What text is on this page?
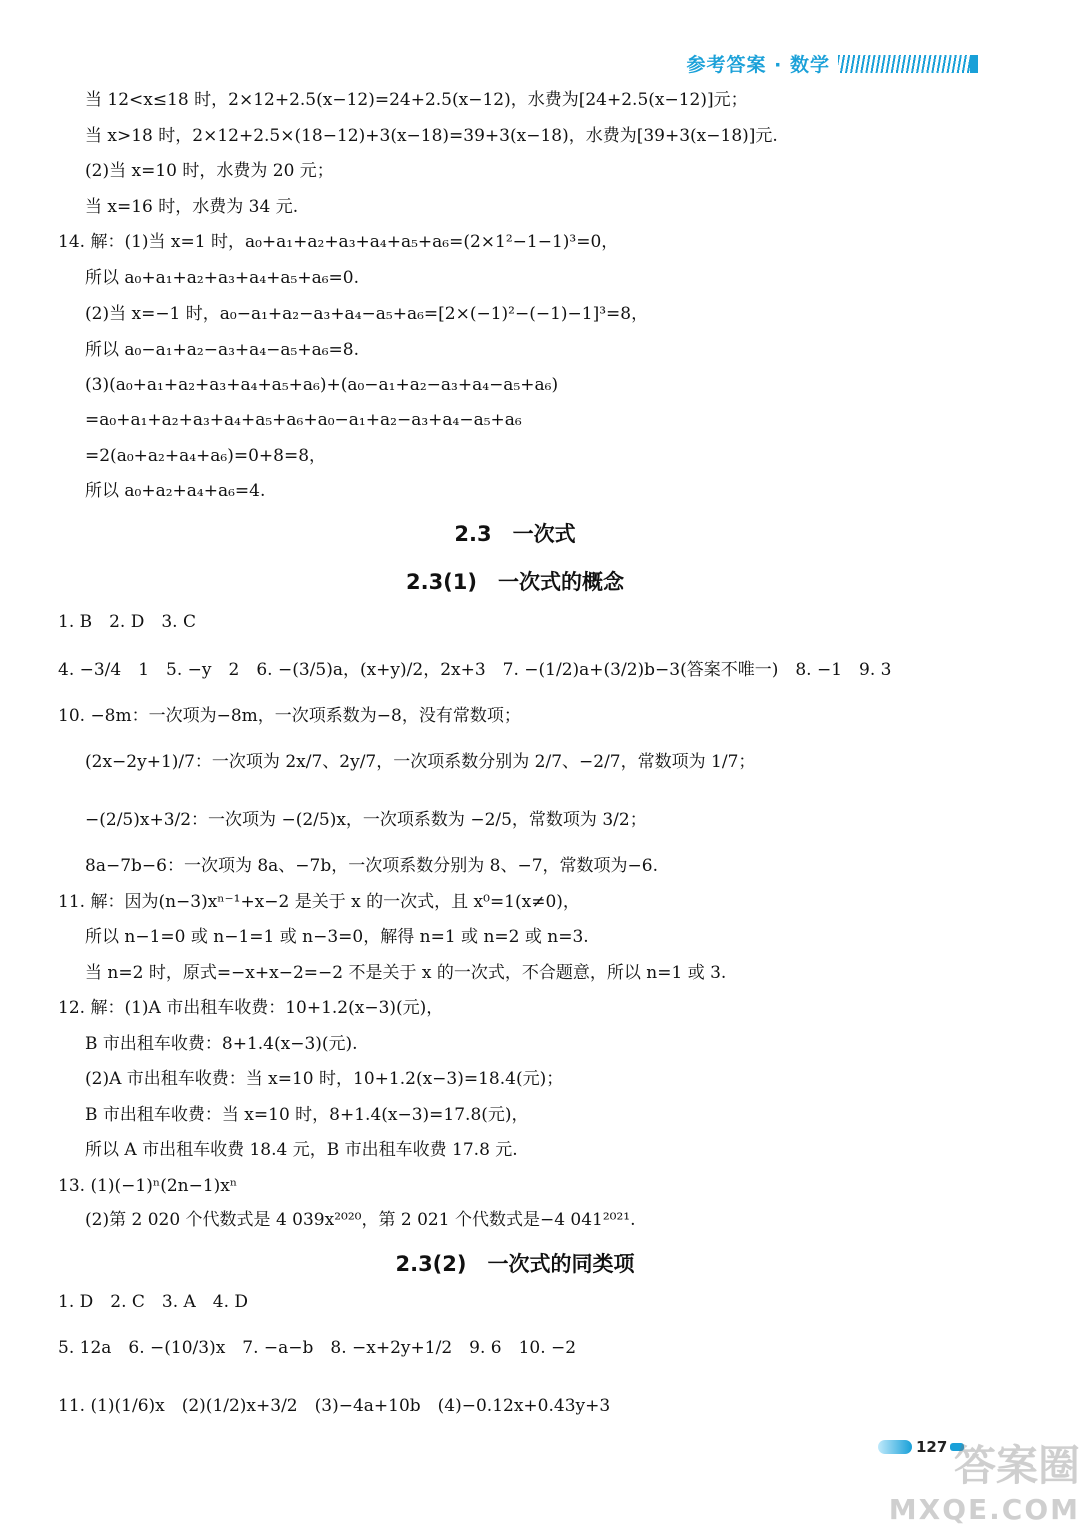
参考答案 · 数学
当 12<x≤18 时，2×12+2.5(x−12)=24+2.5(x−12)，水费为[24+2.5(x−12)]元；
当 x>18 时，2×12+2.5×(18−12)+3(x−18)=39+3(x−18)，水费为[39+3(x−18)]元.
(2)当 x=10 时，水费为 20 元；
当 x=16 时，水费为 34 元.
14. 解：(1)当 x=1 时，a₀+a₁+a₂+a₃+a₄+a₅+a₆=(2×1²−1−1)³=0，
所以 a₀+a₁+a₂+a₃+a₄+a₅+a₆=0.
(2)当 x=−1 时，a₀−a₁+a₂−a₃+a₄−a₅+a₆=[2×(−1)²−(−1)−1]³=8，
所以 a₀−a₁+a₂−a₃+a₄−a₅+a₆=8.
(3)(a₀+a₁+a₂+a₃+a₄+a₅+a₆)+(a₀−a₁+a₂−a₃+a₄−a₅+a₆)
=a₀+a₁+a₂+a₃+a₄+a₅+a₆+a₀−a₁+a₂−a₃+a₄−a₅+a₆
=2(a₀+a₂+a₄+a₆)=0+8=8，
所以 a₀+a₂+a₄+a₆=4.
2.3　一次式
2.3(1)　一次式的概念
1. B　2. D　3. C
4. −3/4　1　5. −y　2　6. −(3/5)a，(x+y)/2，2x+3　7. −(1/2)a+(3/2)b−3(答案不唯一)　8. −1　9. 3
10. −8m：一次项为−8m，一次项系数为−8，没有常数项；
(2x−2y+1)/7：一次项为 2x/7、2y/7，一次项系数分别为 2/7、−2/7，常数项为 1/7；
−(2/5)x+3/2：一次项为 −(2/5)x，一次项系数为 −2/5，常数项为 3/2；
8a−7b−6：一次项为 8a、−7b，一次项系数分别为 8、−7，常数项为−6.
11. 解：因为(n−3)xⁿ⁻¹+x−2 是关于 x 的一次式，且 x⁰=1(x≠0)，
所以 n−1=0 或 n−1=1 或 n−3=0，解得 n=1 或 n=2 或 n=3.
当 n=2 时，原式=−x+x−2=−2 不是关于 x 的一次式，不合题意，所以 n=1 或 3.
12. 解：(1)A 市出租车收费：10+1.2(x−3)(元)，
B 市出租车收费：8+1.4(x−3)(元).
(2)A 市出租车收费：当 x=10 时，10+1.2(x−3)=18.4(元)；
B 市出租车收费：当 x=10 时，8+1.4(x−3)=17.8(元)，
所以 A 市出租车收费 18.4 元，B 市出租车收费 17.8 元.
13. (1)(−1)ⁿ(2n−1)xⁿ
(2)第 2 020 个代数式是 4 039x²⁰²⁰，第 2 021 个代数式是−4 041²⁰²¹.
2.3(2)　一次式的同类项
1. D　2. C　3. A　4. D
5. 12a　6. −(10/3)x　7. −a−b　8. −x+2y+1/2　9. 6　10. −2
11. (1)(1/6)x　(2)(1/2)x+3/2　(3)−4a+10b　(4)−0.12x+0.43y+3
127 答案圈
MXQE.COM
